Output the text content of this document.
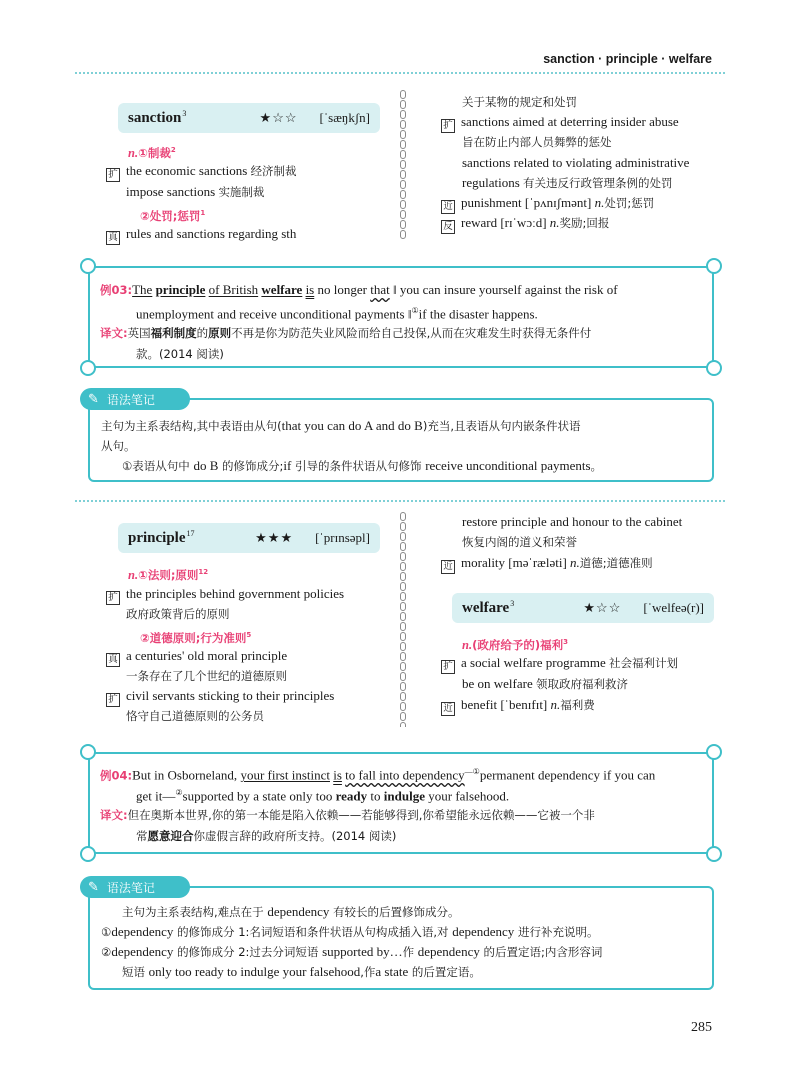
sanction · principle · welfare
sanction$^3$	★☆☆ [ˈsæŋkʃn]
n.①制裁$^2$
扩 the economic sanctions 经济制裁
impose sanctions 实施制裁
②处罚;惩罚$^1$
真 rules and sanctions regarding sth
关于某物的规定和处罚
扩 sanctions aimed at deterring insider abuse
旨在防止内部人员舞弊的惩处
sanctions related to violating administrative
regulations 有关违反行政管理条例的处罚
近 punishment [ˈpʌnɪʃmənt] n.处罚;惩罚
反 reward [rɪˈwɔːd] n.奖励;回报
例03:The principle of British welfare is no longer that ‖ you can insure yourself against the risk of
unemployment and receive unconditional payments ‖①if the disaster happens.
译文:英国福利制度的原则不再是你为防范失业风险而给自己投保,从而在灾难发生时获得无条件付
款。(2014 阅读)
✎ 语法笔记
主句为主系表结构,其中表语由从句(that you can do A and do B)充当,且表语从句内嵌条件状语
从句。
①表语从句中 do B 的修饰成分;if 引导的条件状语从句修饰 receive unconditional payments。
principle$^{17}$	★★★ [ˈprɪnsəpl]
n.①法则;原则$^{12}$
扩 the principles behind government policies
政府政策背后的原则
②道德原则;行为准则$^5$
真 a centuries' old moral principle
一条存在了几个世纪的道德原则
扩 civil servants sticking to their principles
恪守自己道德原则的公务员
restore principle and honour to the cabinet
恢复内阁的道义和荣誉
近 morality [məˈræləti] n.道德;道德准则
welfare$^3$	★☆☆ [ˈwelfeə(r)]
n.(政府给予的)福利$^3$
扩 a social welfare programme 社会福利计划
be on welfare 领取政府福利救济
近 benefit [ˈbenɪfɪt] n.福利费
例04:But in Osborneland, your first instinct is to fall into dependency—①permanent dependency if you can
get it—②supported by a state only too ready to indulge your falsehood.
译文:但在奥斯本世界,你的第一本能是陷入依赖——若能够得到,你希望能永远依赖——它被一个非
常愿意迎合你虚假言辞的政府所支持。(2014 阅读)
✎ 语法笔记
主句为主系表结构,难点在于 dependency 有较长的后置修饰成分。
①dependency 的修饰成分 1:名词短语和条件状语从句构成插入语,对 dependency 进行补充说明。
②dependency 的修饰成分 2:过去分词短语 supported by…作 dependency 的后置定语;内含形容词
短语 only too ready to indulge your falsehood,作a state 的后置定语。
285
